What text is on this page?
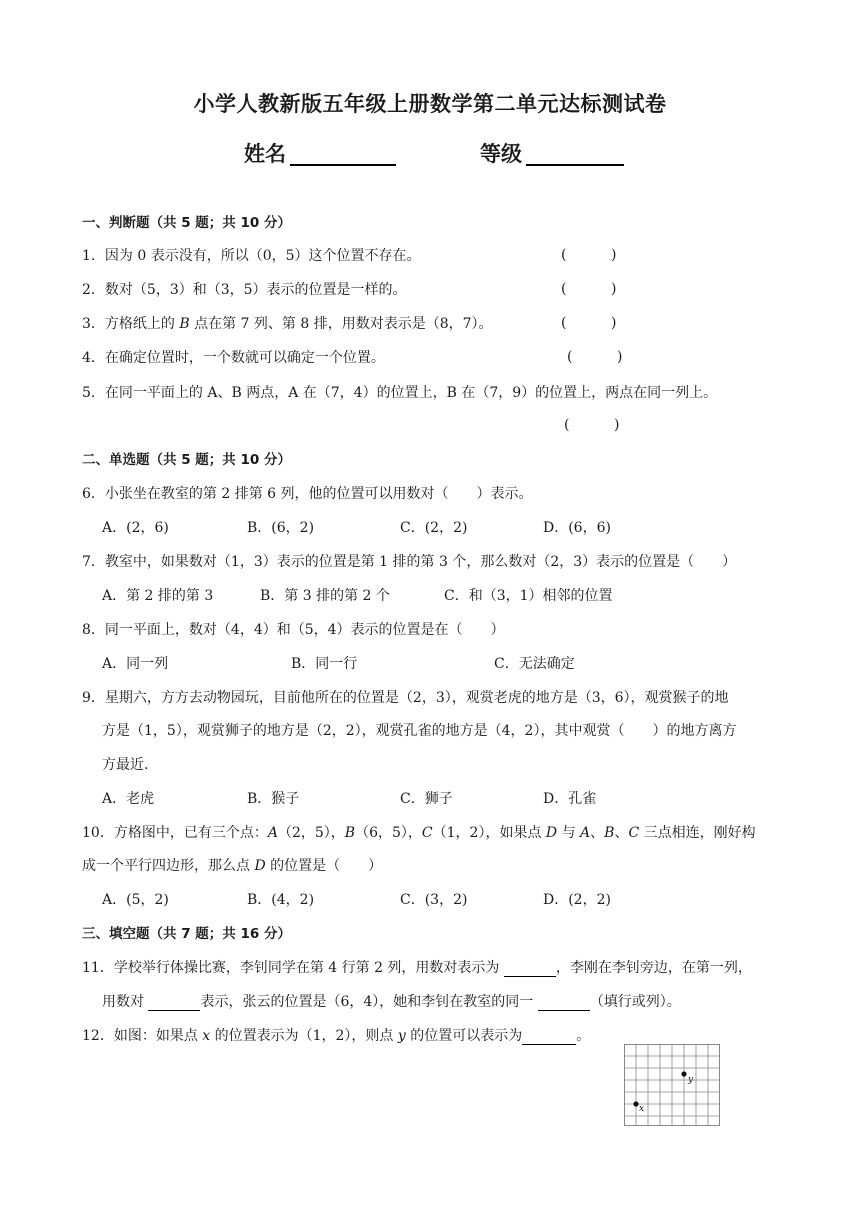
小学人教新版五年级上册数学第二单元达标测试卷
姓名	等级
一、判断题（共 5 题；共 10 分）
1．因为 0 表示没有，所以（0，5）这个位置不存在。	(          )
2．数对（5，3）和（3，5）表示的位置是一样的。	(          )
3．方格纸上的 B 点在第 7 列、第 8 排，用数对表示是（8，7）。	(          )
4．在确定位置时，一个数就可以确定一个位置。	(          )
5．在同一平面上的 A、B 两点，A 在（7，4）的位置上，B 在（7，9）的位置上，两点在同一列上。
(          )
二、单选题（共 5 题；共 10 分）
6．小张坐在教室的第 2 排第 6 列，他的位置可以用数对（　　）表示。
A．(2，6)	B．(6，2)	C．(2，2)	D．(6，6)
7．教室中，如果数对（1，3）表示的位置是第 1 排的第 3 个，那么数对（2，3）表示的位置是（　　）
A．第 2 排的第 3	B．第 3 排的第 2 个	C．和（3，1）相邻的位置
8．同一平面上，数对（4，4）和（5，4）表示的位置是在（　　）
A．同一列	B．同一行	C．无法确定
9．星期六，方方去动物园玩，目前他所在的位置是（2，3），观赏老虎的地方是（3，6），观赏猴子的地
方是（1，5），观赏狮子的地方是（2，2），观赏孔雀的地方是（4，2），其中观赏（　　）的地方离方
方最近.
A．老虎	B．猴子	C．狮子	D．孔雀
10．方格图中，已有三个点：A（2，5），B（6，5），C（1，2），如果点 D 与 A、B、C 三点相连，刚好构
成一个平行四边形，那么点 D 的位置是（　　）
A．(5，2)	B．(4，2)	C．(3，2)	D．(2，2)
三、填空题（共 7 题；共 16 分）
11．学校举行体操比赛，李钊同学在第 4 行第 2 列，用数对表示为	，李刚在李钊旁边，在第一列，
用数对	表示，张云的位置是（6，4），她和李钊在教室的同一	（填行或列）。
12．如图：如果点 x 的位置表示为（1，2），则点 y 的位置可以表示为	。
x
y
